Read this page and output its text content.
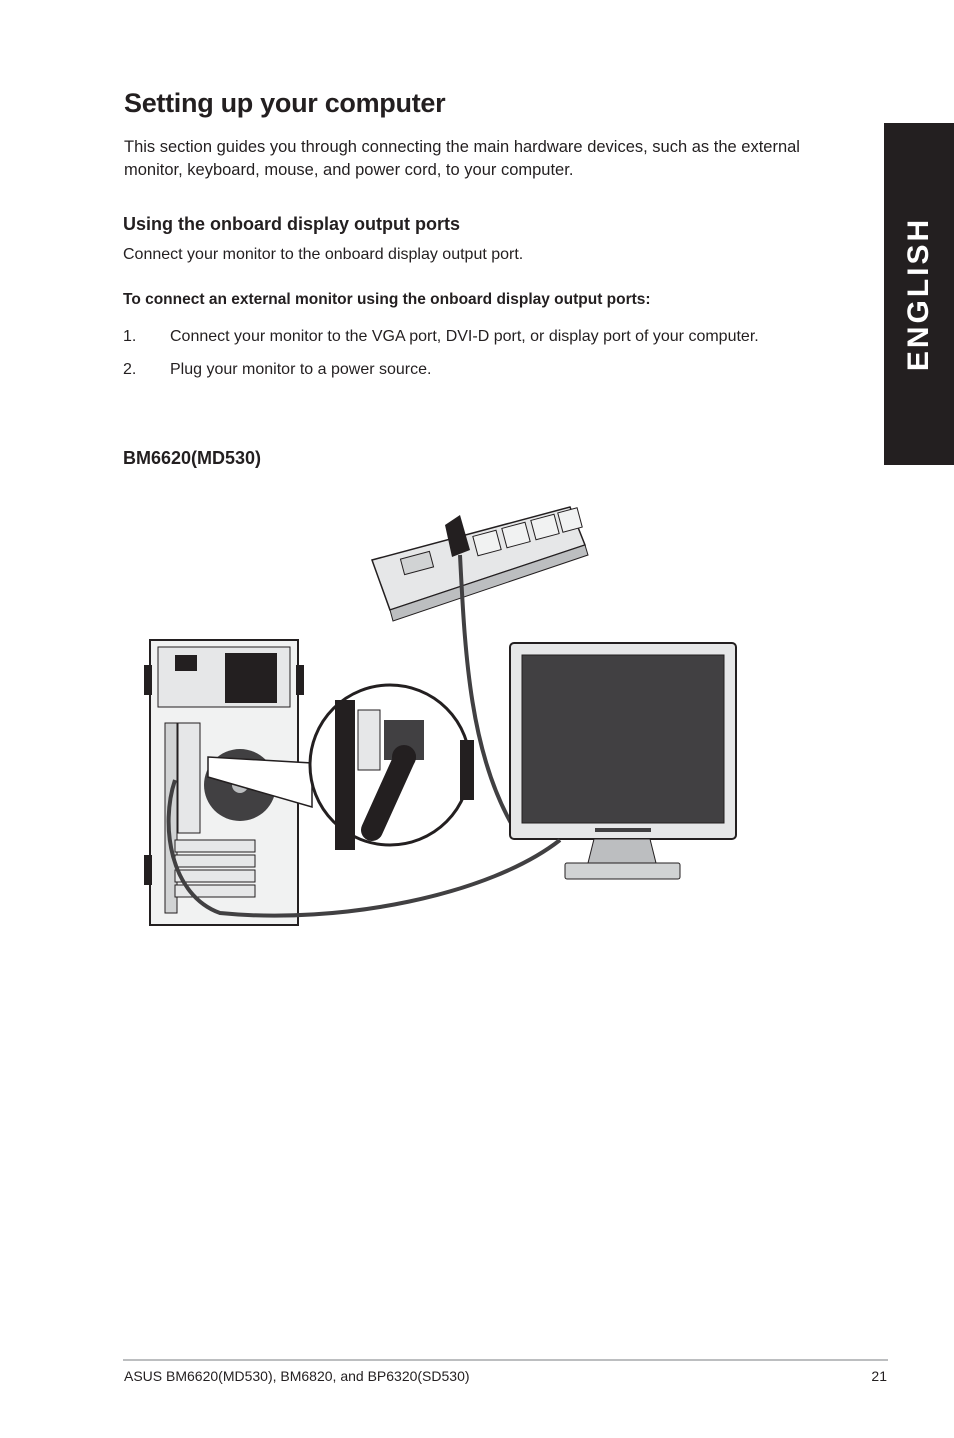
Setting up your computer

This section guides you through connecting the main hardware devices, such as the external monitor, keyboard, mouse, and power cord, to your computer.

Using the onboard display output ports

Connect your monitor to the onboard display output port.

To connect an external monitor using the onboard display output ports:

1. Connect your monitor to the VGA port, DVI-D port, or display port of your computer.
2. Plug your monitor to a power source.
BM6620(MD530)
ENGLISH
ASUS BM6620(MD530), BM6820, and BP6320(SD530)	21
